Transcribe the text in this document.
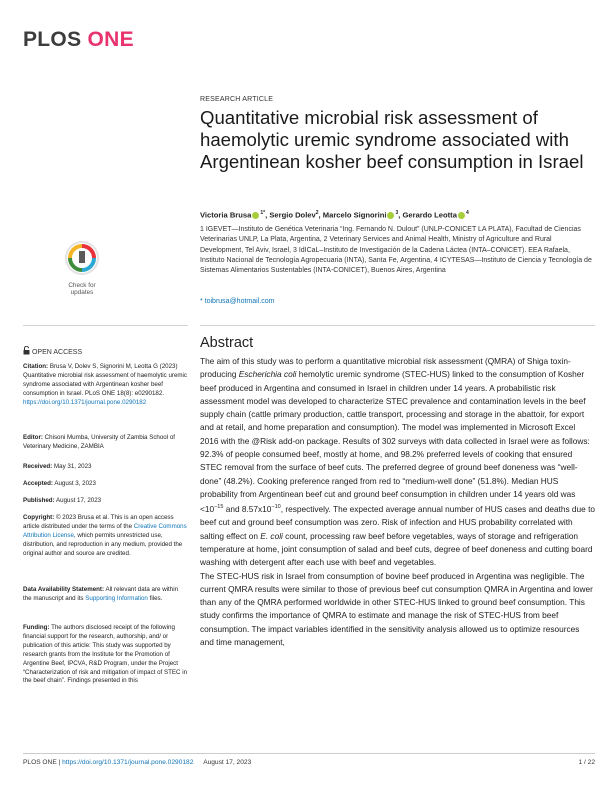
PLOS ONE
Check for
updates
RESEARCH ARTICLE
Quantitative microbial risk assessment of haemolytic uremic syndrome associated with Argentinean kosher beef consumption in Israel
Victoria Brusa $^{1*}$, Sergio Dolev$^2$, Marcelo Signorini $^3$, Gerardo Leotta $^4$
1 IGEVET—Instituto de Genética Veterinaria “Ing. Fernando N. Dulout” (UNLP-CONICET LA PLATA), Facultad de Ciencias Veterinarias UNLP, La Plata, Argentina, 2 Veterinary Services and Animal Health, Ministry of Agriculture and Rural Development, Tel Aviv, Israel, 3 IdICaL–Instituto de Investigación de la Cadena Láctea (INTA–CONICET). EEA Rafaela, Instituto Nacional de Tecnología Agropecuaria (INTA), Santa Fe, Argentina, 4 ICYTESAS—Instituto de Ciencia y Tecnología de Sistemas Alimentarios Sustentables (INTA-CONICET), Buenos Aires, Argentina
* toibrusa@hotmail.com
OPEN ACCESS
Citation: Brusa V, Dolev S, Signorini M, Leotta G (2023) Quantitative microbial risk assessment of haemolytic uremic syndrome associated with Argentinean kosher beef consumption in Israel. PLoS ONE 18(8): e0290182. https://doi.org/10.1371/journal.pone.0290182
Editor: Chisoni Mumba, University of Zambia School of Veterinary Medicine, ZAMBIA
Received: May 31, 2023
Accepted: August 3, 2023
Published: August 17, 2023
Copyright: © 2023 Brusa et al. This is an open access article distributed under the terms of the Creative Commons Attribution License, which permits unrestricted use, distribution, and reproduction in any medium, provided the original author and source are credited.
Data Availability Statement: All relevant data are within the manuscript and its Supporting Information files.
Funding: The authors disclosed receipt of the following financial support for the research, authorship, and/ or publication of this article: This study was supported by research grants from the Institute for the Promotion of Argentine Beef, IPCVA, R&D Program, under the Project “Characterization of risk and mitigation of impact of STEC in the beef chain”. Findings presented in this
Abstract

The aim of this study was to perform a quantitative microbial risk assessment (QMRA) of Shiga toxin-producing Escherichia coli hemolytic uremic syndrome (STEC-HUS) linked to the consumption of Kosher beef produced in Argentina and consumed in Israel in children under 14 years. A probabilistic risk assessment model was developed to characterize STEC prevalence and contamination levels in the beef supply chain (cattle primary production, cattle transport, processing and storage in the abattoir, for export and at retail, and home preparation and consumption). The model was implemented in Microsoft Excel 2016 with the @Risk add-on package. Results of 302 surveys with data collected in Israel were as follows: 92.3% of people consumed beef, mostly at home, and 98.2% preferred levels of cooking that ensured STEC removal from the surface of beef cuts. The preferred degree of ground beef doneness was “well-done” (48.2%). Cooking preference ranged from red to “medium-well done” (51.8%). Median HUS probability from Argentinean beef cut and ground beef consumption in children under 14 years old was $<10^{-15}$ and $8.57x10^{-10}$, respectively. The expected average annual number of HUS cases and deaths due to beef cut and ground beef consumption was zero. Risk of infection and HUS probability correlated with salting effect on E. coli count, processing raw beef before vegetables, ways of storage and refrigeration temperature at home, joint consumption of salad and beef cuts, degree of beef doneness and cutting board washing with detergent after each use with beef and vegetables.

The STEC-HUS risk in Israel from consumption of bovine beef produced in Argentina was negligible. The current QMRA results were similar to those of previous beef cut consumption QMRA in Argentina and lower than any of the QMRA performed worldwide in other STEC-HUS linked to ground beef consumption. This study confirms the importance of QMRA to estimate and manage the risk of STEC-HUS from beef consumption. The impact variables identified in the sensitivity analysis allowed us to optimize resources and time management,

PLOS ONE | https://doi.org/10.1371/journal.pone.0290182 August 17, 2023	1 / 22
